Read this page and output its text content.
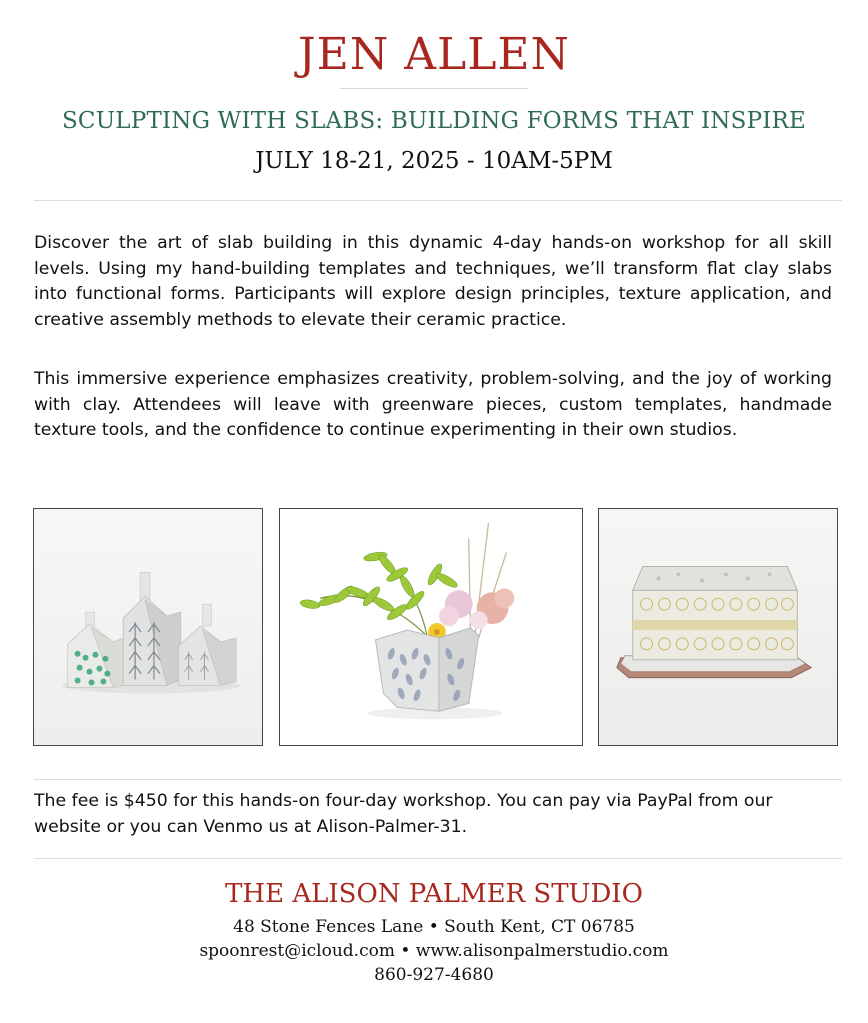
JEN ALLEN
SCULPTING WITH SLABS: BUILDING FORMS THAT INSPIRE
JULY 18-21, 2025 - 10AM-5PM
Discover the art of slab building in this dynamic 4-day hands-on workshop for all skill levels. Using my hand-building templates and techniques, we’ll transform flat clay slabs into functional forms. Participants will explore design principles, texture application, and creative assembly methods to elevate their ceramic practice.
This immersive experience emphasizes creativity, problem-solving, and the joy of working with clay. Attendees will leave with greenware pieces, custom templates, handmade texture tools, and the confidence to continue experimenting in their own studios.
The fee is $450 for this hands-on four-day workshop. You can pay via PayPal from our website or you can Venmo us at Alison-Palmer-31.
THE ALISON PALMER STUDIO
48 Stone Fences Lane • South Kent, CT 06785
spoonrest@icloud.com • www.alisonpalmerstudio.com
860-927-4680
